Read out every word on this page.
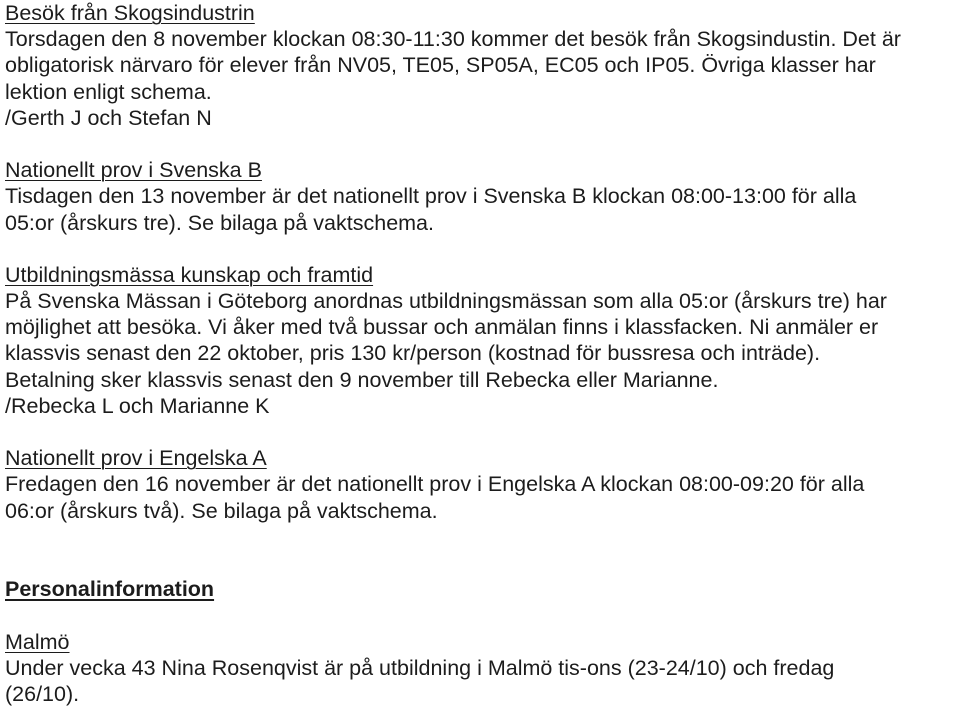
Besök från Skogsindustrin
Torsdagen den 8 november klockan 08:30-11:30 kommer det besök från Skogsindustin. Det är
obligatorisk närvaro för elever från NV05, TE05, SP05A, EC05 och IP05. Övriga klasser har
lektion enligt schema.
/Gerth J och Stefan N
Nationellt prov i Svenska B
Tisdagen den 13 november är det nationellt prov i Svenska B klockan 08:00-13:00 för alla
05:or (årskurs tre). Se bilaga på vaktschema.
Utbildningsmässa kunskap och framtid
På Svenska Mässan i Göteborg anordnas utbildningsmässan som alla 05:or (årskurs tre) har
möjlighet att besöka. Vi åker med två bussar och anmälan finns i klassfacken. Ni anmäler er
klassvis senast den 22 oktober, pris 130 kr/person (kostnad för bussresa och inträde).
Betalning sker klassvis senast den 9 november till Rebecka eller Marianne.
/Rebecka L och Marianne K
Nationellt prov i Engelska A
Fredagen den 16 november är det nationellt prov i Engelska A klockan 08:00-09:20 för alla
06:or (årskurs två). Se bilaga på vaktschema.
Personalinformation
Malmö
Under vecka 43 Nina Rosenqvist är på utbildning i Malmö tis-ons (23-24/10) och fredag
(26/10).
